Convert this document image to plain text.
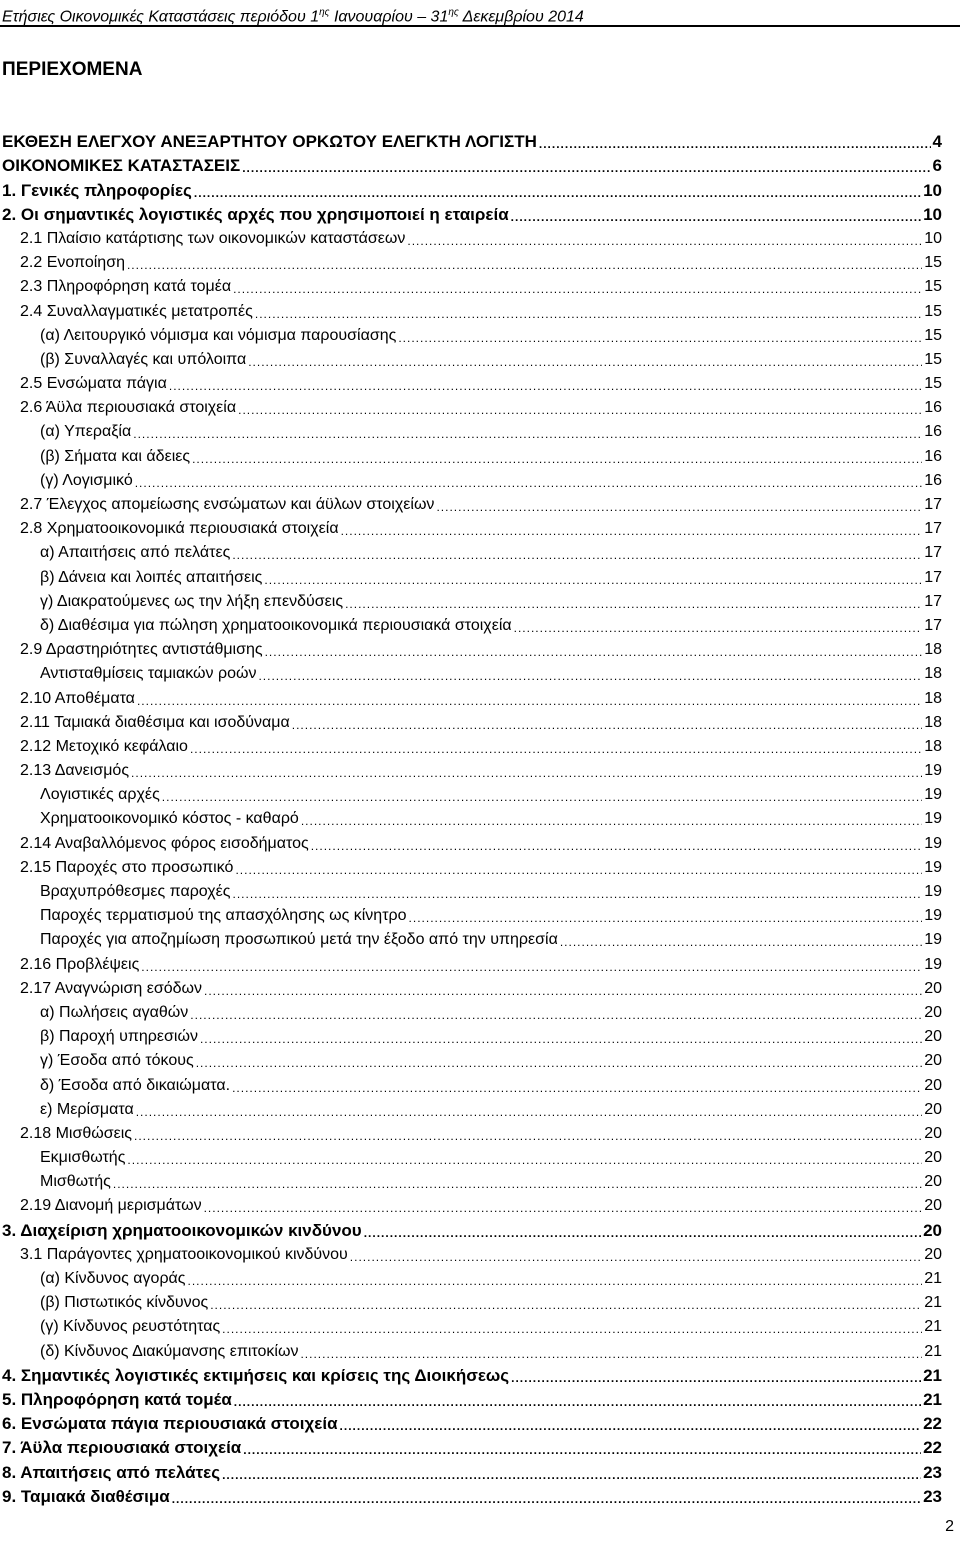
Ετήσιες Οικονομικές Καταστάσεις περιόδου $1^{\eta\varsigma}$ Ιανουαρίου – $31^{\eta\varsigma}$ Δεκεμβρίου 2014
ΠΕΡΙΕΧΟΜΕΝΑ
ΕΚΘΕΣΗ ΕΛΕΓΧΟΥ ΑΝΕΞΑΡΤΗΤΟΥ ΟΡΚΩΤΟΥ ΕΛΕΓΚΤΗ ΛΟΓΙΣΤΗ .....	4
ΟΙΚΟΝΟΜΙΚΕΣ ΚΑΤΑΣΤΑΣΕΙΣ .....	6
1. Γενικές πληροφορίες .....	10
2. Οι σημαντικές λογιστικές αρχές που χρησιμοποιεί η εταιρεία .....	10
2.1 Πλαίσιο κατάρτισης των οικονομικών καταστάσεων .....	10
2.2 Ενοποίηση .....	15
2.3 Πληροφόρηση κατά τομέα .....	15
2.4 Συναλλαγματικές μετατροπές .....	15
(α) Λειτουργικό νόμισμα και νόμισμα παρουσίασης .....	15
(β) Συναλλαγές και υπόλοιπα .....	15
2.5 Ενσώματα πάγια .....	15
2.6 Άϋλα περιουσιακά στοιχεία .....	16
(α) Υπεραξία .....	16
(β) Σήματα και άδειες .....	16
(γ) Λογισμικό .....	16
2.7 Έλεγχος απομείωσης ενσώματων και άϋλων στοιχείων .....	17
2.8 Χρηματοοικονομικά περιουσιακά στοιχεία .....	17
α) Απαιτήσεις από πελάτες .....	17
β) Δάνεια και λοιπές απαιτήσεις .....	17
γ) Διακρατούμενες ως την λήξη επενδύσεις .....	17
δ) Διαθέσιμα για πώληση χρηματοοικονομικά περιουσιακά στοιχεία .....	17
2.9 Δραστηριότητες αντιστάθμισης .....	18
Αντισταθμίσεις ταμιακών ροών .....	18
2.10 Αποθέματα .....	18
2.11 Ταμιακά διαθέσιμα και ισοδύναμα .....	18
2.12 Μετοχικό κεφάλαιο .....	18
2.13 Δανεισμός .....	19
Λογιστικές αρχές .....	19
Χρηματοοικονομικό κόστος - καθαρό .....	19
2.14 Αναβαλλόμενος φόρος εισοδήματος .....	19
2.15 Παροχές στο προσωπικό .....	19
Βραχυπρόθεσμες παροχές .....	19
Παροχές τερματισμού της απασχόλησης ως κίνητρο .....	19
Παροχές για αποζημίωση προσωπικού μετά την έξοδο από την υπηρεσία .....	19
2.16 Προβλέψεις .....	19
2.17 Αναγνώριση εσόδων .....	20
α) Πωλήσεις αγαθών .....	20
β) Παροχή υπηρεσιών .....	20
γ) Έσοδα από τόκους .....	20
δ) Έσοδα από δικαιώματα. .....	20
ε) Μερίσματα .....	20
2.18 Μισθώσεις .....	20
Εκμισθωτής .....	20
Μισθωτής .....	20
2.19 Διανομή μερισμάτων .....	20
3. Διαχείριση χρηματοοικονομικών κινδύνου .....	20
3.1 Παράγοντες χρηματοοικονομικού κινδύνου .....	20
(α) Κίνδυνος αγοράς .....	21
(β) Πιστωτικός κίνδυνος .....	21
(γ) Κίνδυνος ρευστότητας .....	21
(δ) Κίνδυνος Διακύμανσης επιτοκίων .....	21
4. Σημαντικές λογιστικές εκτιμήσεις και κρίσεις της Διοικήσεως .....	21
5. Πληροφόρηση κατά τομέα .....	21
6. Ενσώματα πάγια περιουσιακά στοιχεία .....	22
7. Άϋλα περιουσιακά στοιχεία .....	22
8. Απαιτήσεις από πελάτες .....	23
9. Ταμιακά διαθέσιμα .....	23
2
